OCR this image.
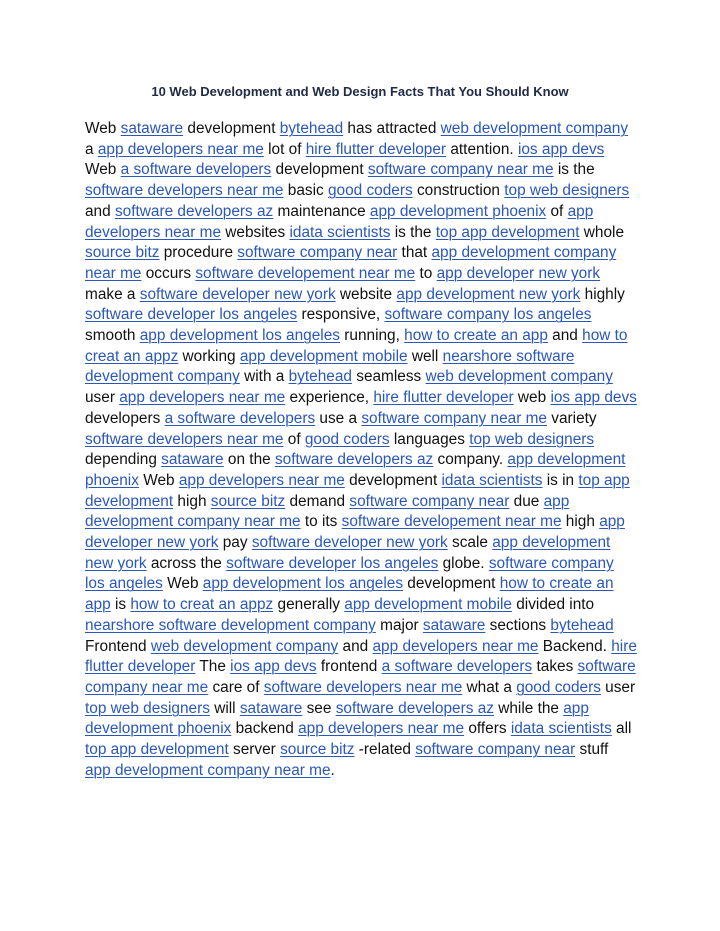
10 Web Development and Web Design Facts That You Should Know

Web sataware development bytehead has attracted web development company a app developers near me lot of hire flutter developer attention. ios app devs Web a software developers development software company near me is the software developers near me basic good coders construction top web designers and software developers az maintenance app development phoenix of app developers near me websites idata scientists is the top app development whole source bitz procedure software company near that app development company near me occurs software developement near me to app developer new york make a software developer new york website app development new york highly software developer los angeles responsive, software company los angeles smooth app development los angeles running, how to create an app and how to creat an appz working app development mobile well nearshore software development company with a bytehead seamless web development company user app developers near me experience, hire flutter developer web ios app devs developers a software developers use a software company near me variety software developers near me of good coders languages top web designers depending sataware on the software developers az company. app development phoenix Web app developers near me development idata scientists is in top app development high source bitz demand software company near due app development company near me to its software developement near me high app developer new york pay software developer new york scale app development new york across the software developer los angeles globe. software company los angeles Web app development los angeles development how to create an app is how to creat an appz generally app development mobile divided into nearshore software development company major sataware sections bytehead Frontend web development company and app developers near me Backend. hire flutter developer The ios app devs frontend a software developers takes software company near me care of software developers near me what a good coders user top web designers will sataware see software developers az while the app development phoenix backend app developers near me offers idata scientists all top app development server source bitz -related software company near stuff app development company near me.
